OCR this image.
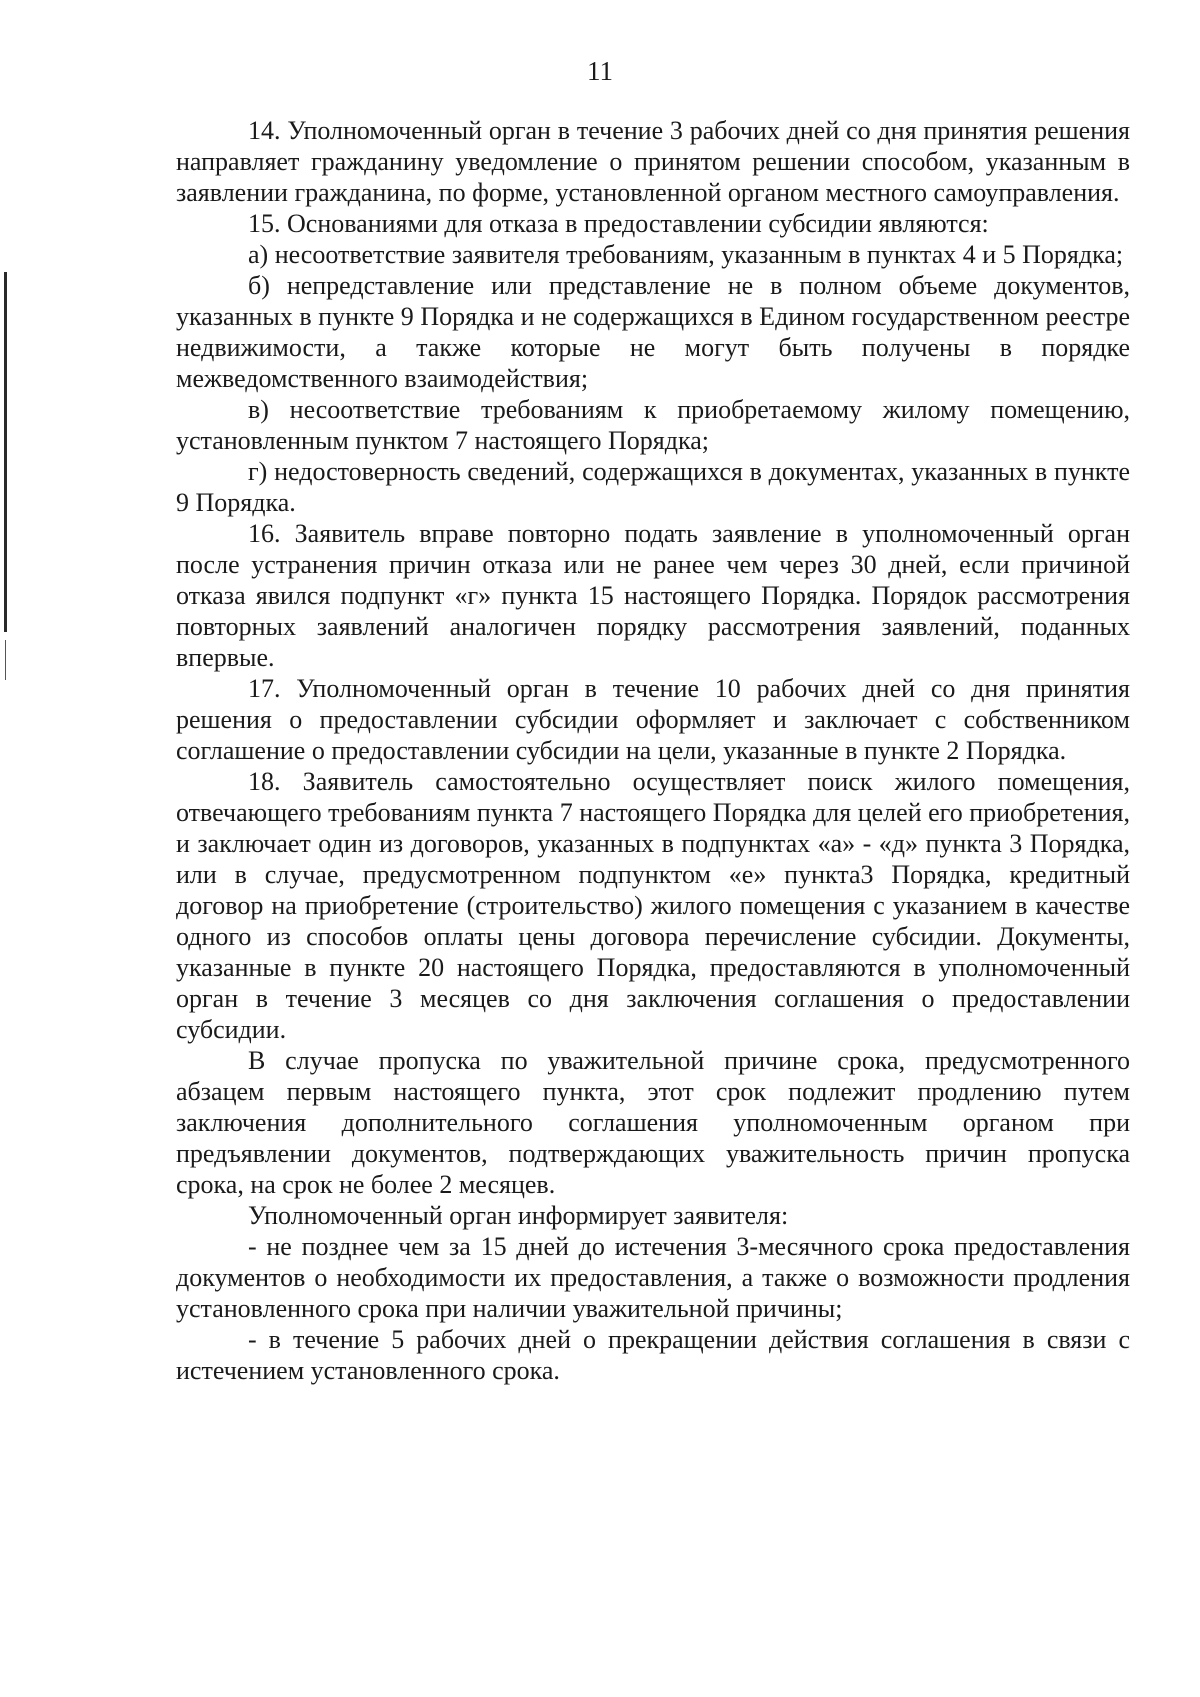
11

14. Уполномоченный орган в течение 3 рабочих дней со дня принятия решения направляет гражданину уведомление о принятом решении способом, указанным в заявлении гражданина, по форме, установленной органом местного самоуправления.

15. Основаниями для отказа в предоставлении субсидии являются:

а) несоответствие заявителя требованиям, указанным в пунктах 4 и 5 Порядка;

б) непредставление или представление не в полном объеме документов, указанных в пункте 9 Порядка и не содержащихся в Едином государственном реестре недвижимости, а также которые не могут быть получены в порядке межведомственного взаимодействия;

в) несоответствие требованиям к приобретаемому жилому помещению, установленным пунктом 7 настоящего Порядка;

г) недостоверность сведений, содержащихся в документах, указанных в пункте 9 Порядка.

16. Заявитель вправе повторно подать заявление в уполномоченный орган после устранения причин отказа или не ранее чем через 30 дней, если причиной отказа явился подпункт «г» пункта 15 настоящего Порядка. Порядок рассмотрения повторных заявлений аналогичен порядку рассмотрения заявлений, поданных впервые.

17. Уполномоченный орган в течение 10 рабочих дней со дня принятия решения о предоставлении субсидии оформляет и заключает с собственником соглашение о предоставлении субсидии на цели, указанные в пункте 2 Порядка.

18. Заявитель самостоятельно осуществляет поиск жилого помещения, отвечающего требованиям пункта 7 настоящего Порядка для целей его приобретения, и заключает один из договоров, указанных в подпунктах «а» - «д» пункта 3 Порядка, или в случае, предусмотренном подпунктом «е» пункта3 Порядка, кредитный договор на приобретение (строительство) жилого помещения с указанием в качестве одного из способов оплаты цены договора перечисление субсидии. Документы, указанные в пункте 20 настоящего Порядка, предоставляются в уполномоченный орган в течение 3 месяцев со дня заключения соглашения о предоставлении субсидии.

В случае пропуска по уважительной причине срока, предусмотренного абзацем первым настоящего пункта, этот срок подлежит продлению путем заключения дополнительного соглашения уполномоченным органом при предъявлении документов, подтверждающих уважительность причин пропуска срока, на срок не более 2 месяцев.

Уполномоченный орган информирует заявителя:

- не позднее чем за 15 дней до истечения 3-месячного срока предоставления документов о необходимости их предоставления, а также о возможности продления установленного срока при наличии уважительной причины;

- в течение 5 рабочих дней о прекращении действия соглашения в связи с истечением установленного срока.
